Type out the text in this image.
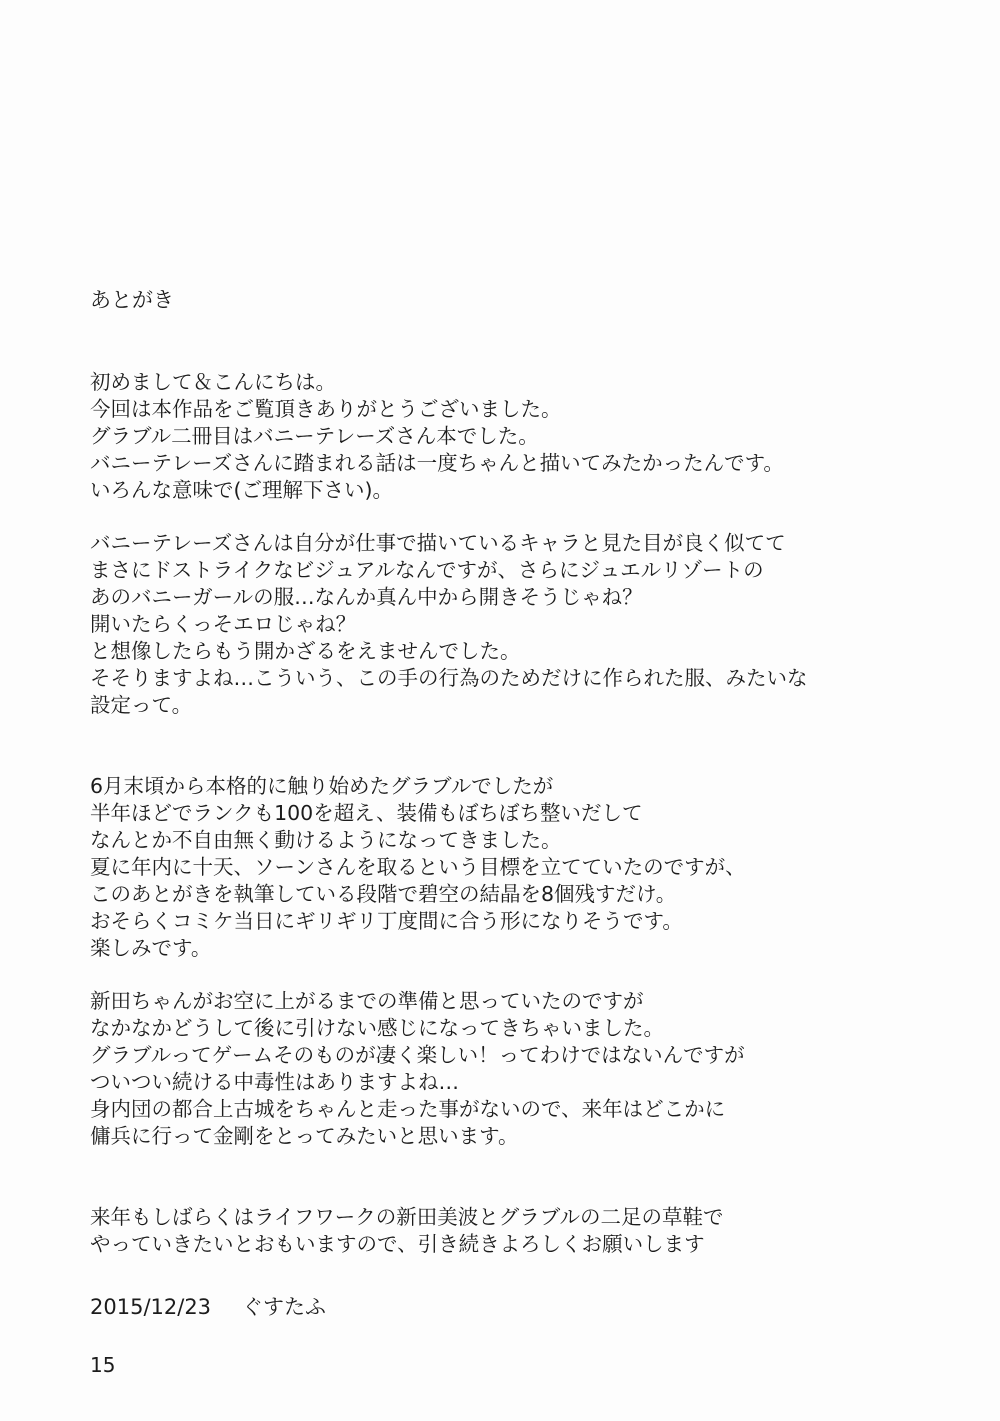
あとがき
初めまして＆こんにちは。
今回は本作品をご覧頂きありがとうございました。
グラブル二冊目はバニーテレーズさん本でした。
バニーテレーズさんに踏まれる話は一度ちゃんと描いてみたかったんです。
いろんな意味で(ご理解下さい)。
バニーテレーズさんは自分が仕事で描いているキャラと見た目が良く似てて
まさにドストライクなビジュアルなんですが、さらにジュエルリゾートの
あのバニーガールの服…なんか真ん中から開きそうじゃね？
開いたらくっそエロじゃね？
と想像したらもう開かざるをえませんでした。
そそりますよね…こういう、この手の行為のためだけに作られた服、みたいな
設定って。
6月末頃から本格的に触り始めたグラブルでしたが
半年ほどでランクも100を超え、装備もぼちぼち整いだして
なんとか不自由無く動けるようになってきました。
夏に年内に十天、ソーンさんを取るという目標を立てていたのですが、
このあとがきを執筆している段階で碧空の結晶を8個残すだけ。
おそらくコミケ当日にギリギリ丁度間に合う形になりそうです。
楽しみです。
新田ちゃんがお空に上がるまでの準備と思っていたのですが
なかなかどうして後に引けない感じになってきちゃいました。
グラブルってゲームそのものが凄く楽しい！ってわけではないんですが
ついつい続ける中毒性はありますよね…
身内団の都合上古城をちゃんと走った事がないので、来年はどこかに
傭兵に行って金剛をとってみたいと思います。
来年もしばらくはライフワークの新田美波とグラブルの二足の草鞋で
やっていきたいとおもいますので、引き続きよろしくお願いします
2015/12/23 ぐすたふ
15
